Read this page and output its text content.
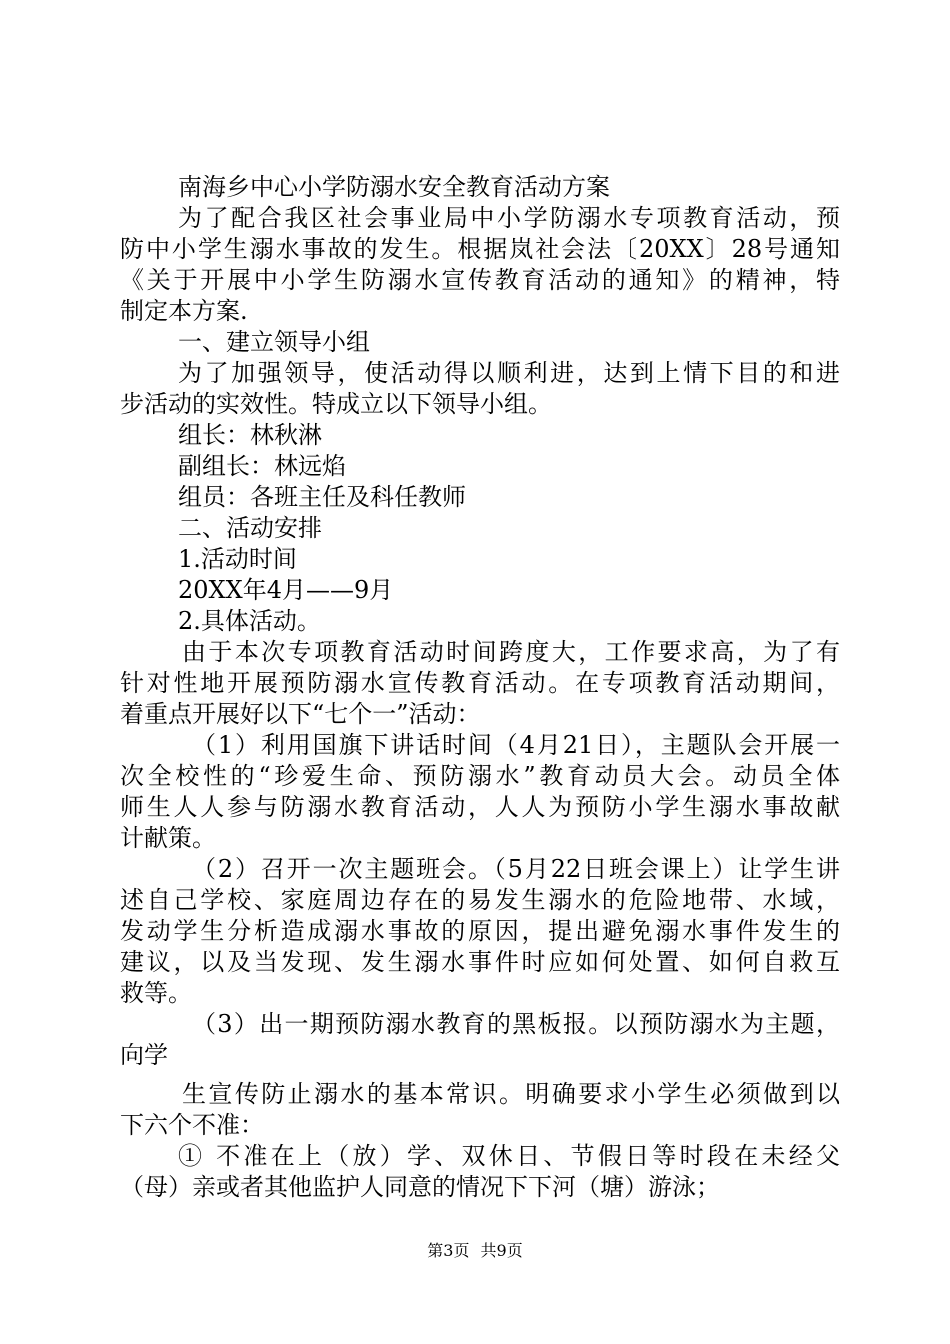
南海乡中心小学防溺水安全教育活动方案
为了配合我区社会事业局中小学防溺水专项教育活动，预
防中小学生溺水事故的发生。根据岚社会法〔20XX〕28号通知
《关于开展中小学生防溺水宣传教育活动的通知》的精神，特
制定本方案.
一、建立领导小组
为了加强领导，使活动得以顺利进，达到上情下目的和进
步活动的实效性。特成立以下领导小组。
组长：林秋淋
副组长：林远焰
组员：各班主任及科任教师
二、活动安排
1.活动时间
20XX年4月——9月
2.具体活动。
由于本次专项教育活动时间跨度大，工作要求高，为了有
针对性地开展预防溺水宣传教育活动。在专项教育活动期间，
着重点开展好以下“七个一”活动：
（1）利用国旗下讲话时间（4月21日），主题队会开展一
次全校性的“珍爱生命、预防溺水”教育动员大会。动员全体
师生人人参与防溺水教育活动，人人为预防小学生溺水事故献
计献策。
（2）召开一次主题班会。（5月22日班会课上）让学生讲
述自己学校、家庭周边存在的易发生溺水的危险地带、水域，
发动学生分析造成溺水事故的原因，提出避免溺水事件发生的
建议，以及当发现、发生溺水事件时应如何处置、如何自救互
救等。
（3）出一期预防溺水教育的黑板报。以预防溺水为主题，
向学
生宣传防止溺水的基本常识。明确要求小学生必须做到以
下六个不准：
① 不准在上（放）学、双休日、节假日等时段在未经父
（母）亲或者其他监护人同意的情况下下河（塘）游泳；
第3页 共9页
